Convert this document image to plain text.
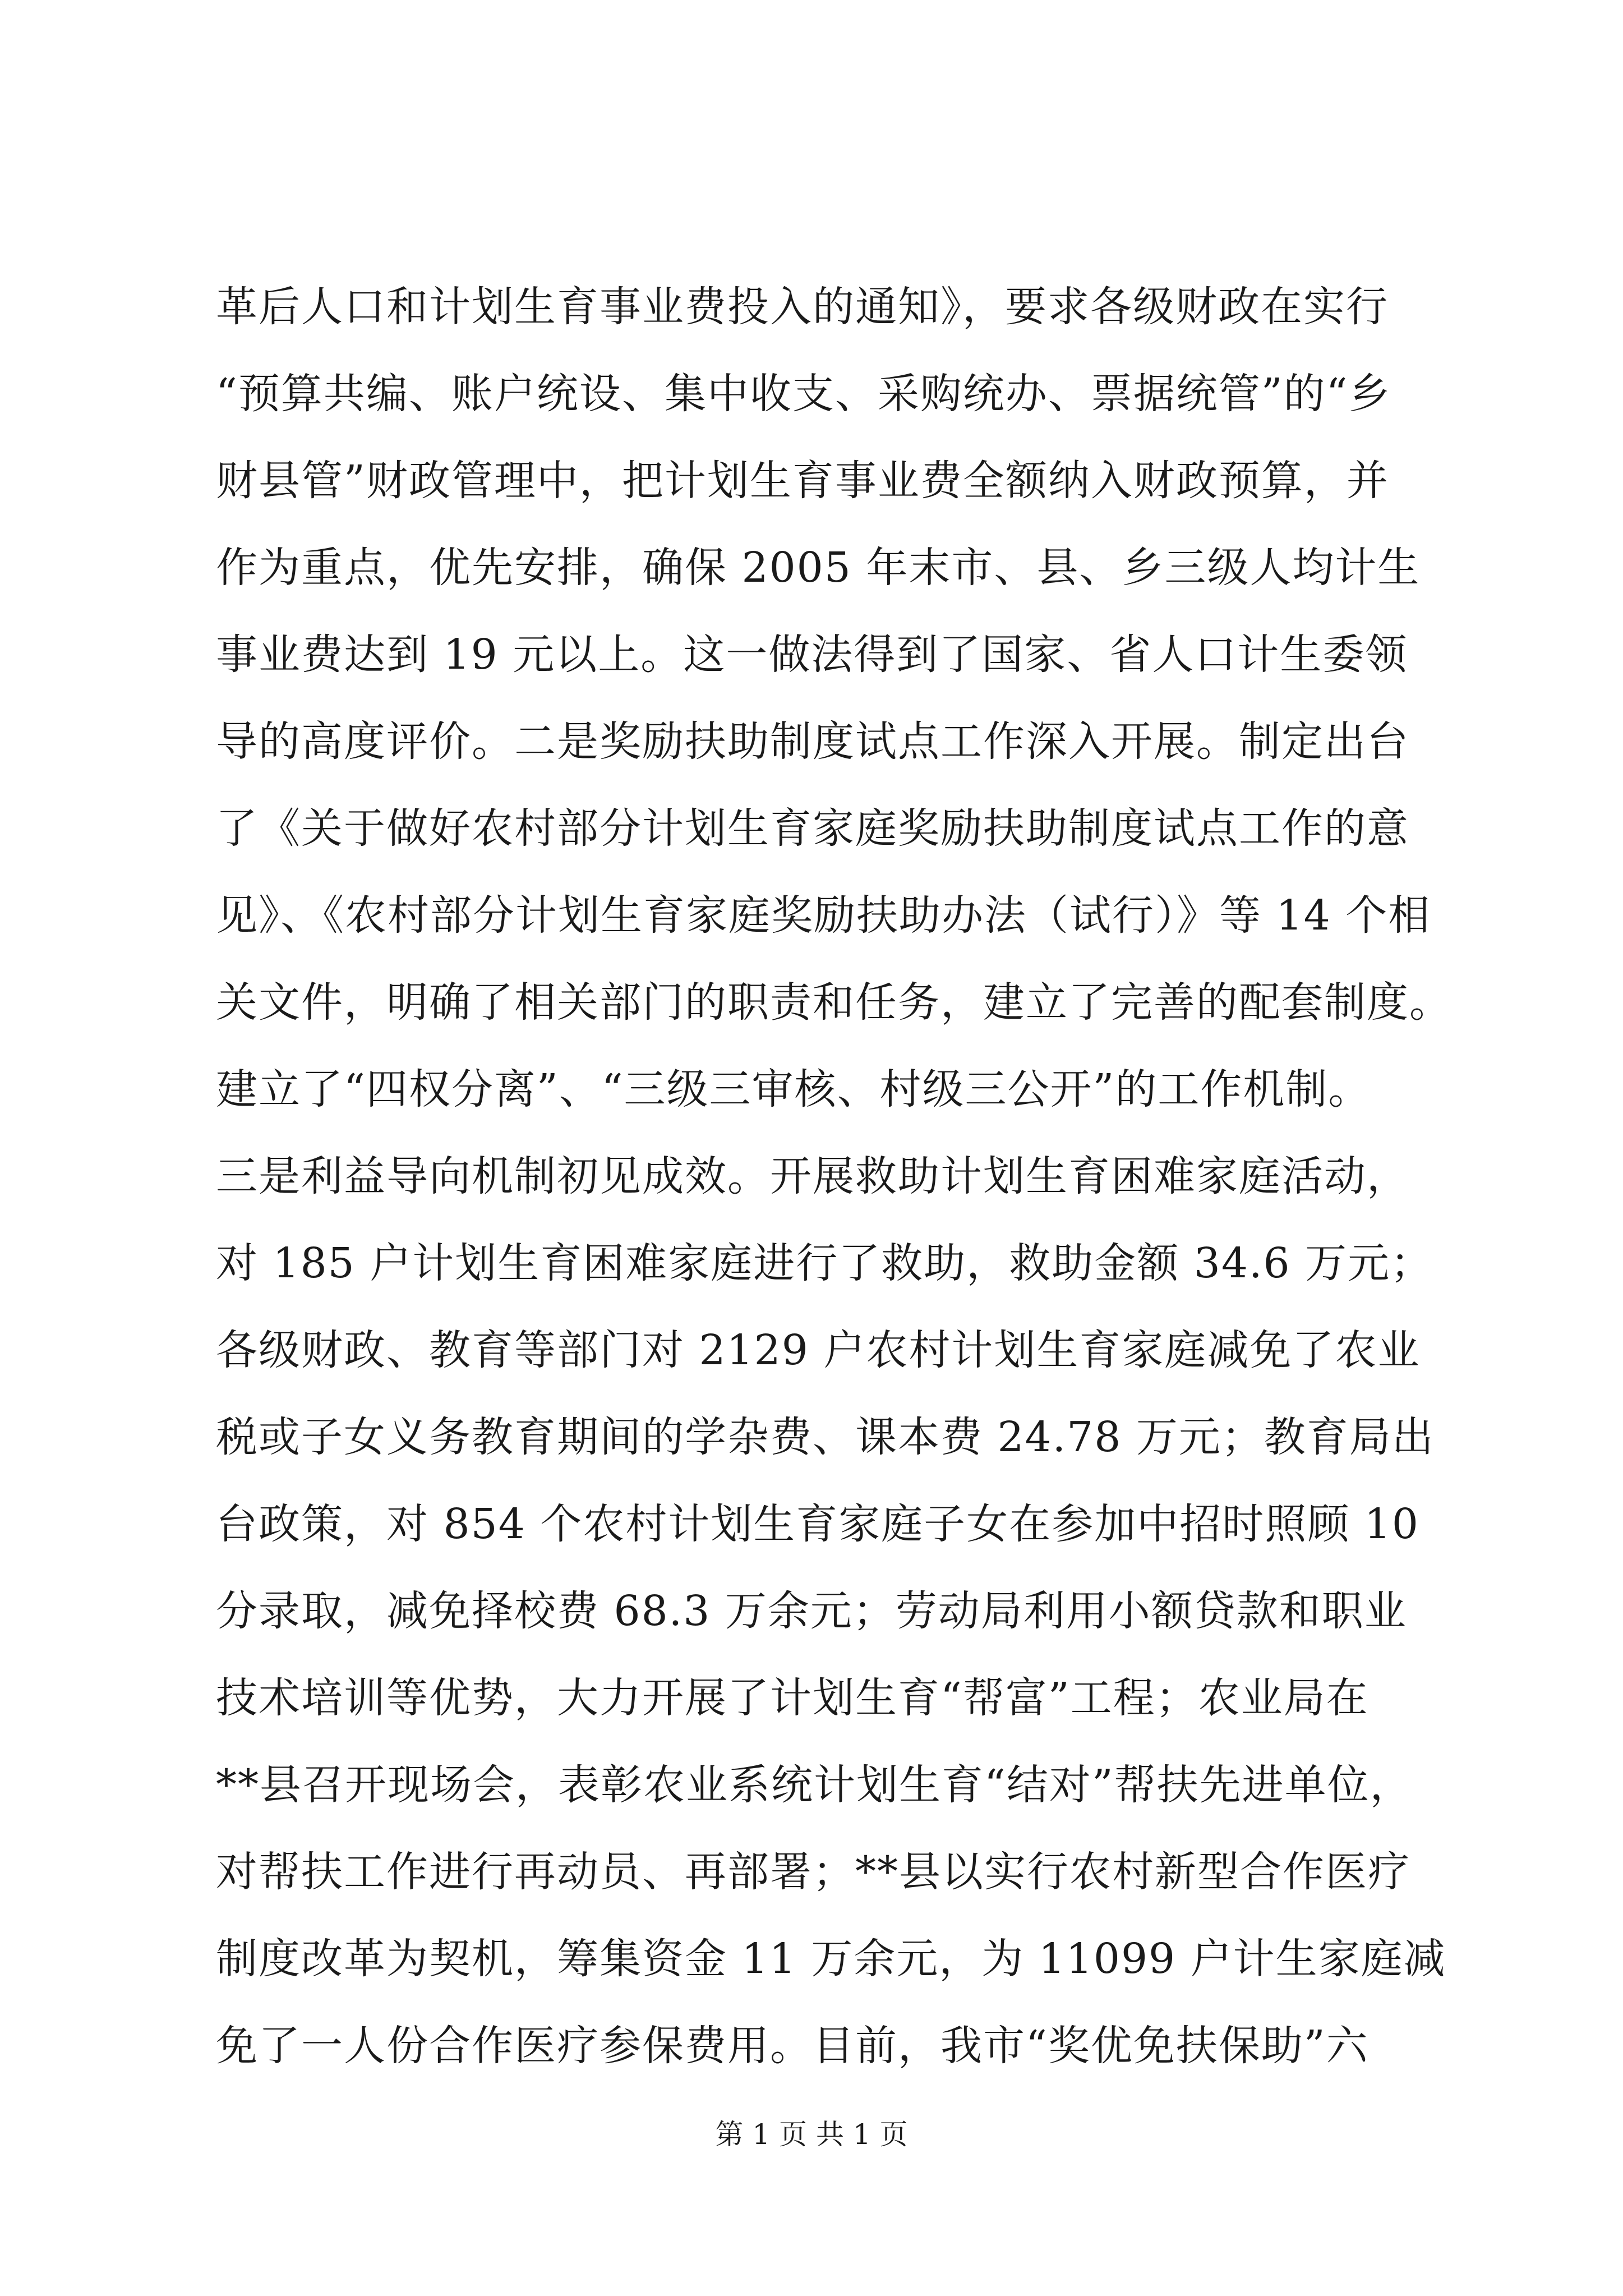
革后人口和计划生育事业费投入的通知》，要求各级财政在实行
“预算共编、账户统设、集中收支、采购统办、票据统管”的“乡
财县管”财政管理中，把计划生育事业费全额纳入财政预算，并
作为重点，优先安排，确保 2005 年末市、县、乡三级人均计生
事业费达到 19 元以上。这一做法得到了国家、省人口计生委领
导的高度评价。二是奖励扶助制度试点工作深入开展。制定出台
了《关于做好农村部分计划生育家庭奖励扶助制度试点工作的意
见》、《农村部分计划生育家庭奖励扶助办法（试行）》等 14 个相
关文件，明确了相关部门的职责和任务，建立了完善的配套制度。
建立了“四权分离”、“三级三审核、村级三公开”的工作机制。
三是利益导向机制初见成效。开展救助计划生育困难家庭活动，
对 185 户计划生育困难家庭进行了救助，救助金额 34.6 万元；
各级财政、教育等部门对 2129 户农村计划生育家庭减免了农业
税或子女义务教育期间的学杂费、课本费 24.78 万元；教育局出
台政策，对 854 个农村计划生育家庭子女在参加中招时照顾 10
分录取，减免择校费 68.3 万余元；劳动局利用小额贷款和职业
技术培训等优势，大力开展了计划生育“帮富”工程；农业局在
**县召开现场会，表彰农业系统计划生育“结对”帮扶先进单位，
对帮扶工作进行再动员、再部署；**县以实行农村新型合作医疗
制度改革为契机，筹集资金 11 万余元，为 11099 户计生家庭减
免了一人份合作医疗参保费用。目前，我市“奖优免扶保助”六
第 1 页 共 1 页
